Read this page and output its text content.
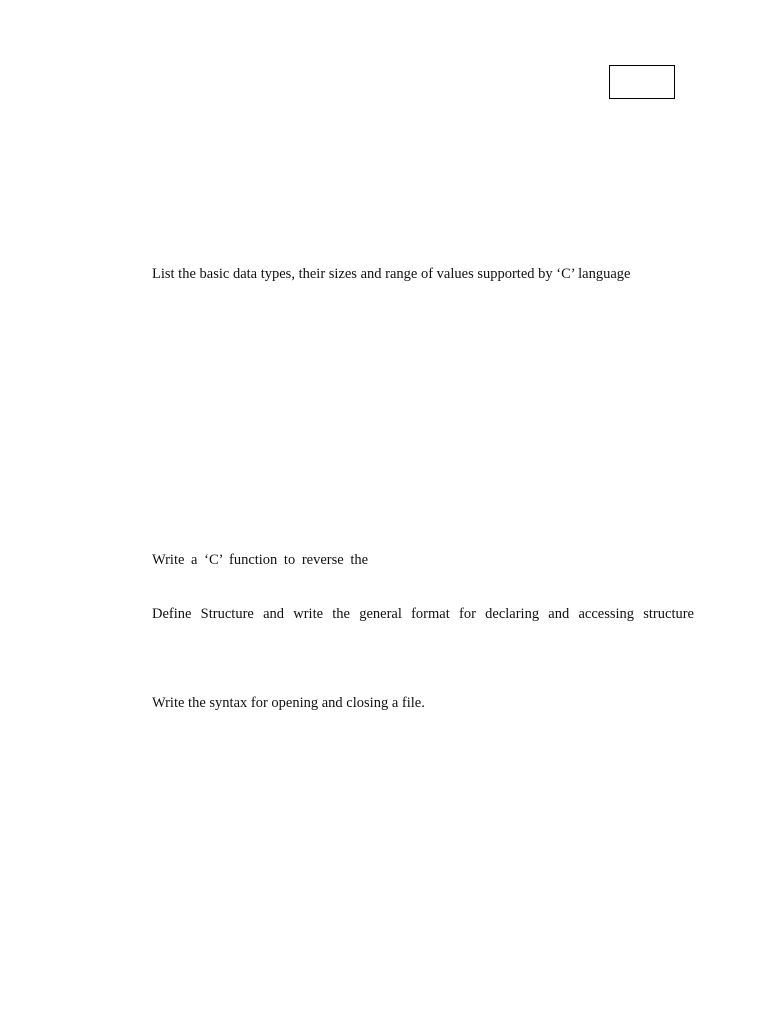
List the basic data types, their sizes and range of values supported by ‘C’ language
Write a ‘C’ function to reverse the
Define Structure and write the general format for declaring and accessing structure
Write the syntax for opening and closing a file.
